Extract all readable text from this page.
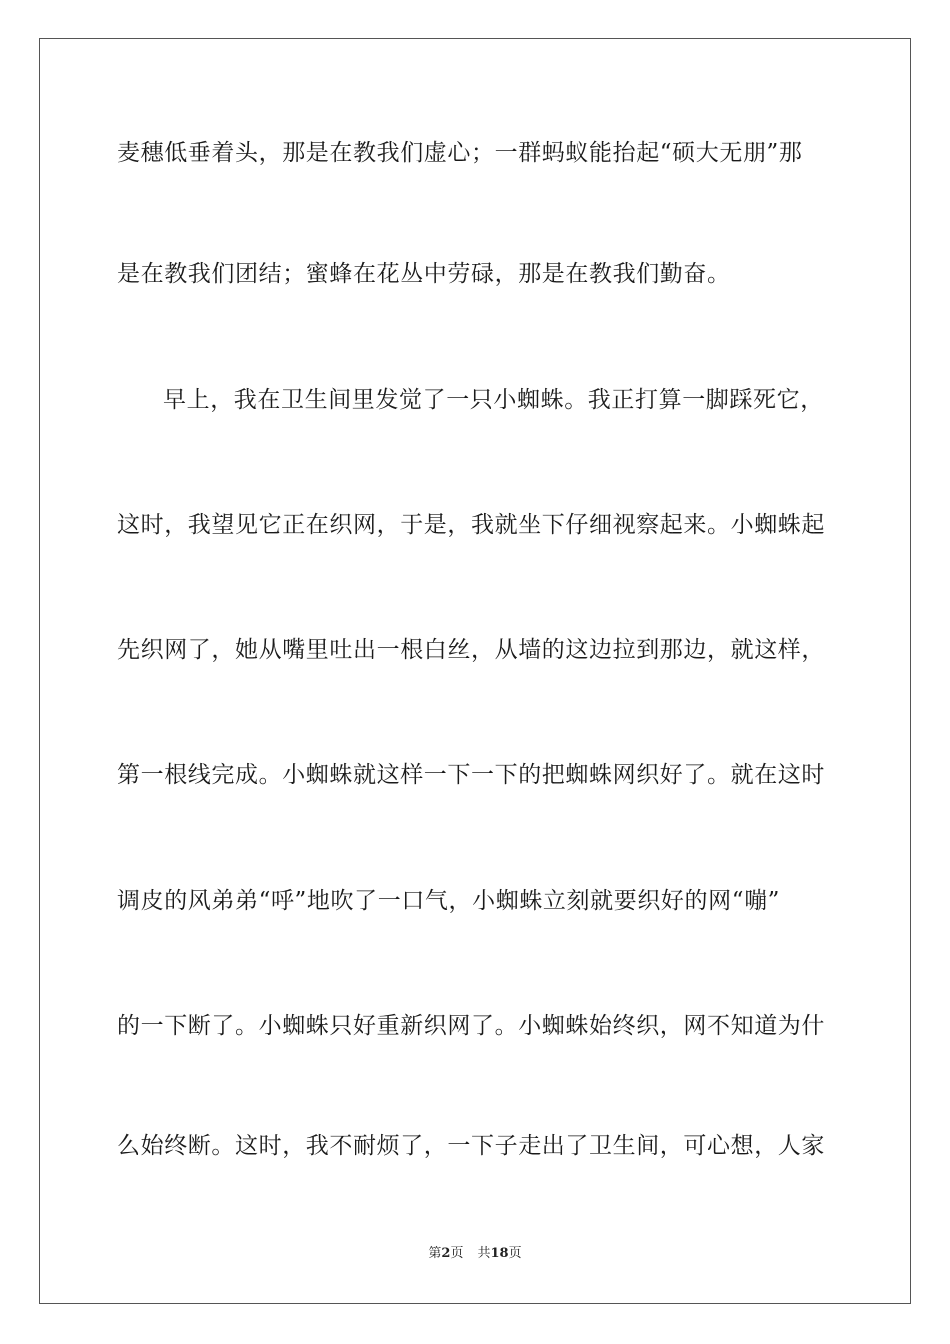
麦穗低垂着头，那是在教我们虚心；一群蚂蚁能抬起“硕大无朋”那
是在教我们团结；蜜蜂在花丛中劳碌，那是在教我们勤奋。
早上，我在卫生间里发觉了一只小蜘蛛。我正打算一脚踩死它，
这时，我望见它正在织网，于是，我就坐下仔细视察起来。小蜘蛛起
先织网了，她从嘴里吐出一根白丝，从墙的这边拉到那边，就这样，
第一根线完成。小蜘蛛就这样一下一下的把蜘蛛网织好了。就在这时
调皮的风弟弟“呼”地吹了一口气，小蜘蛛立刻就要织好的网“嘣”
的一下断了。小蜘蛛只好重新织网了。小蜘蛛始终织，网不知道为什
么始终断。这时，我不耐烦了，一下子走出了卫生间，可心想，人家
第2页 共18页
